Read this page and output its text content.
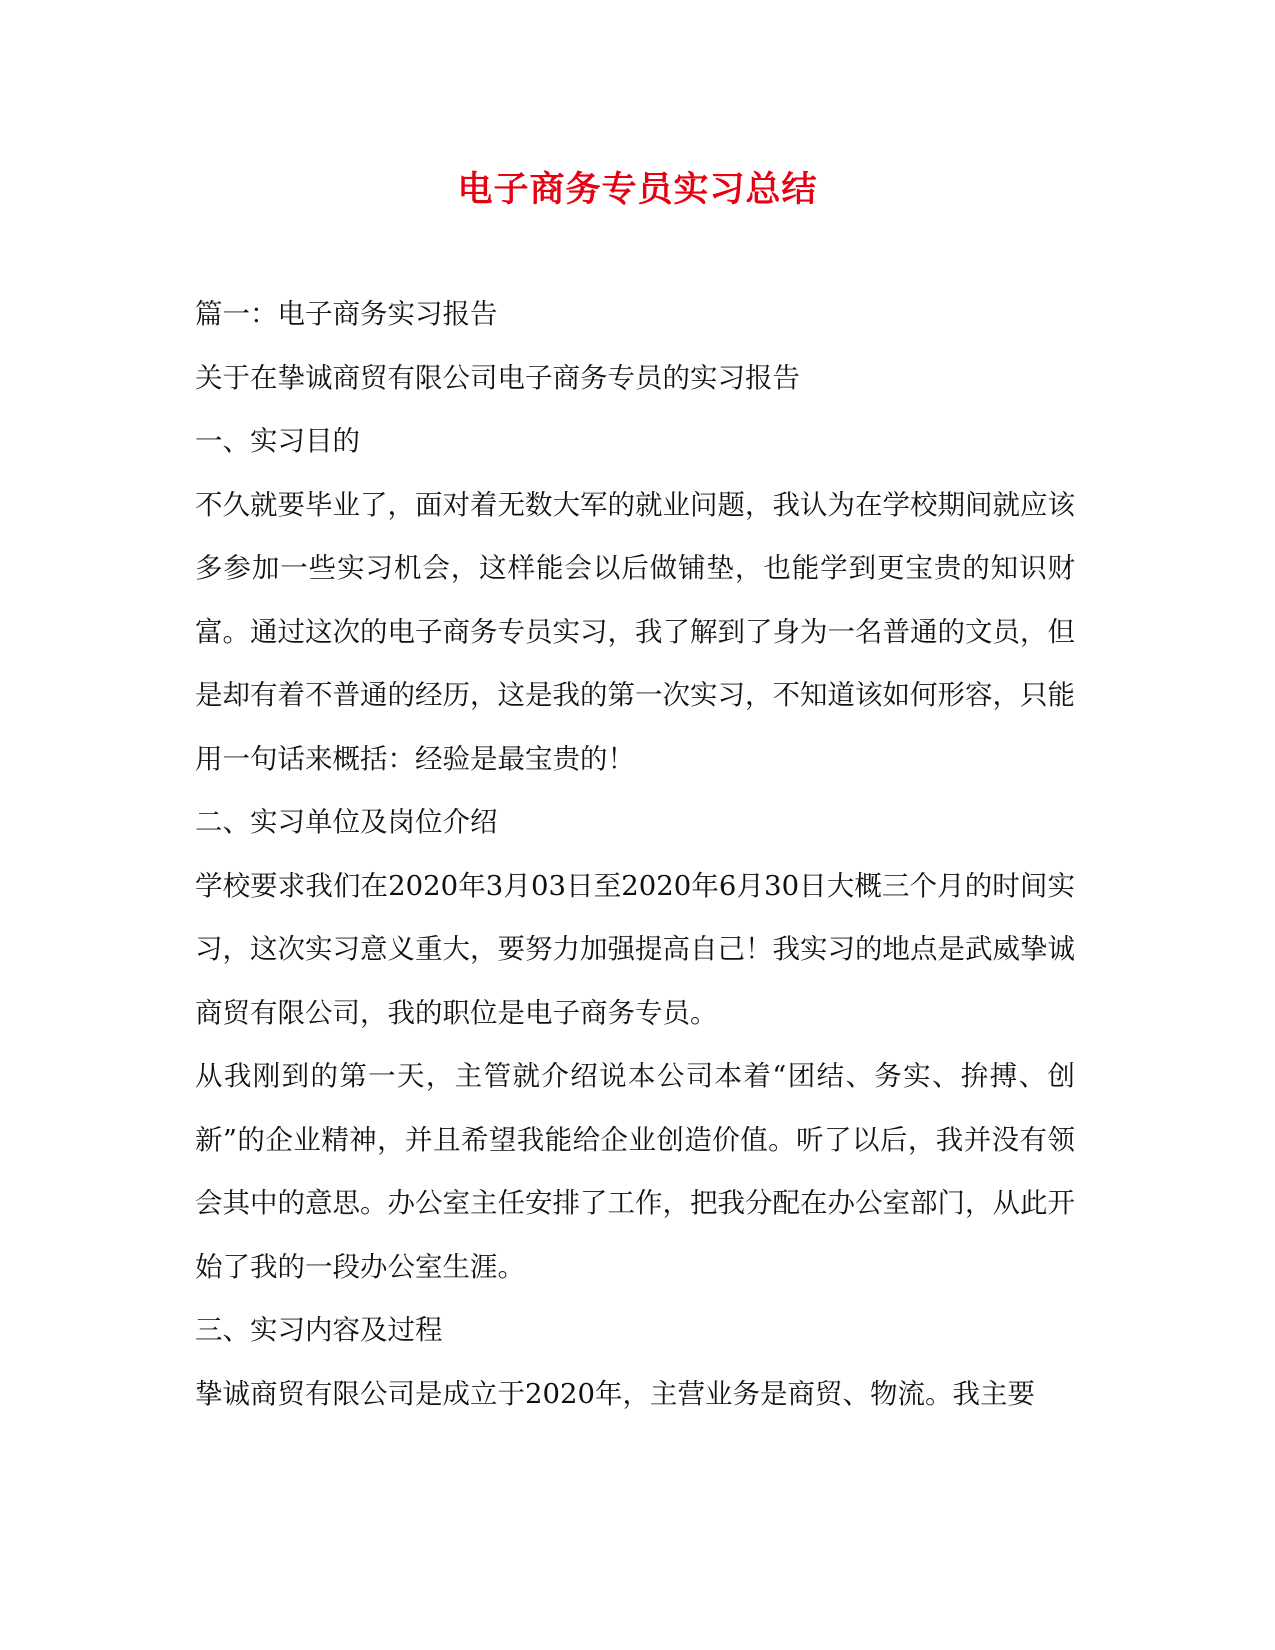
电子商务专员实习总结

篇一：电子商务实习报告

关于在挚诚商贸有限公司电子商务专员的实习报告

一、实习目的

不久就要毕业了，面对着无数大军的就业问题，我认为在学校期间就应该多参加一些实习机会，这样能会以后做铺垫，也能学到更宝贵的知识财富。通过这次的电子商务专员实习，我了解到了身为一名普通的文员，但是却有着不普通的经历，这是我的第一次实习，不知道该如何形容，只能用一句话来概括：经验是最宝贵的！

二、实习单位及岗位介绍

学校要求我们在2020年3月03日至2020年6月30日大概三个月的时间实习，这次实习意义重大，要努力加强提高自己！我实习的地点是武威挚诚商贸有限公司，我的职位是电子商务专员。

从我刚到的第一天，主管就介绍说本公司本着“团结、务实、拚搏、创新”的企业精神，并且希望我能给企业创造价值。听了以后，我并没有领会其中的意思。办公室主任安排了工作，把我分配在办公室部门，从此开始了我的一段办公室生涯。

三、实习内容及过程

挚诚商贸有限公司是成立于2020年，主营业务是商贸、物流。我主要
